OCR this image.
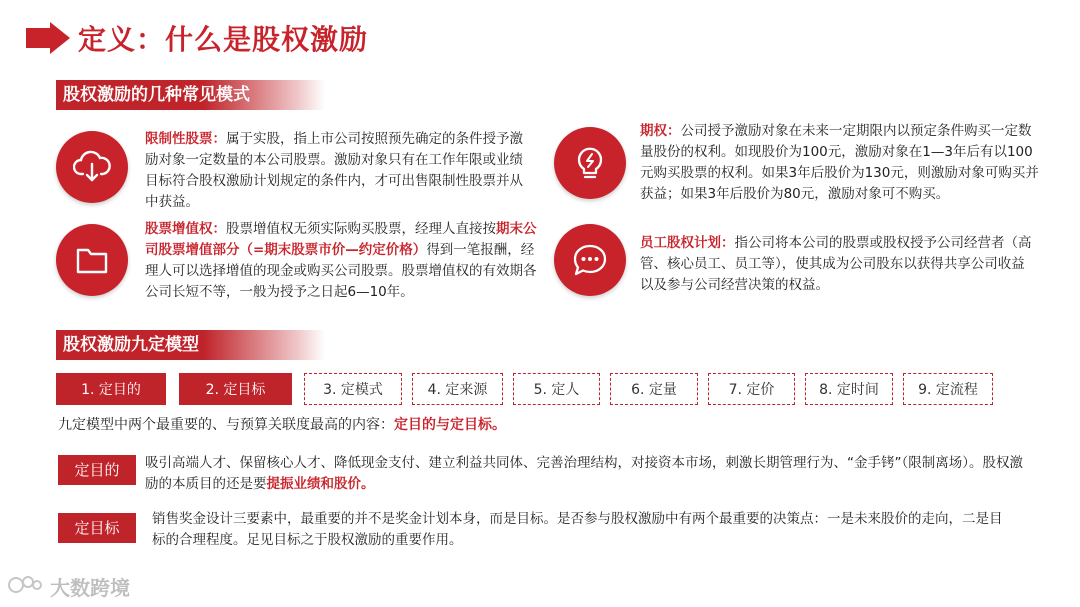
定义：什么是股权激励
股权激励的几种常见模式
限制性股票：属于实股，指上市公司按照预先确定的条件授予激励对象一定数量的本公司股票。激励对象只有在工作年限或业绩目标符合股权激励计划规定的条件内，才可出售限制性股票并从中获益。
股票增值权：股票增值权无须实际购买股票，经理人直接按期末公司股票增值部分（=期末股票市价—约定价格）得到一笔报酬，经理人可以选择增值的现金或购买公司股票。股票增值权的有效期各公司长短不等，一般为授予之日起6—10年。
期权：公司授予激励对象在未来一定期限内以预定条件购买一定数量股份的权利。如现股价为100元，激励对象在1—3年后有以100元购买股票的权利。如果3年后股价为130元，则激励对象可购买并获益；如果3年后股价为80元，激励对象可不购买。
员工股权计划：指公司将本公司的股票或股权授予公司经营者（高管、核心员工、员工等），使其成为公司股东以获得共享公司收益以及参与公司经营决策的权益。
股权激励九定模型
1. 定目的	2. 定目标	3. 定模式	4. 定来源	5. 定人	6. 定量	7. 定价	8. 定时间	9. 定流程
九定模型中两个最重要的、与预算关联度最高的内容：定目的与定目标。
定目的	吸引高端人才、保留核心人才、降低现金支付、建立利益共同体、完善治理结构，对接资本市场，刺激长期管理行为、“金手铐”（限制离场）。股权激励的本质目的还是要提振业绩和股价。
定目标	销售奖金设计三要素中，最重要的并不是奖金计划本身，而是目标。是否参与股权激励中有两个最重要的决策点：一是未来股价的走向，二是目标的合理程度。足见目标之于股权激励的重要作用。
大数跨境
